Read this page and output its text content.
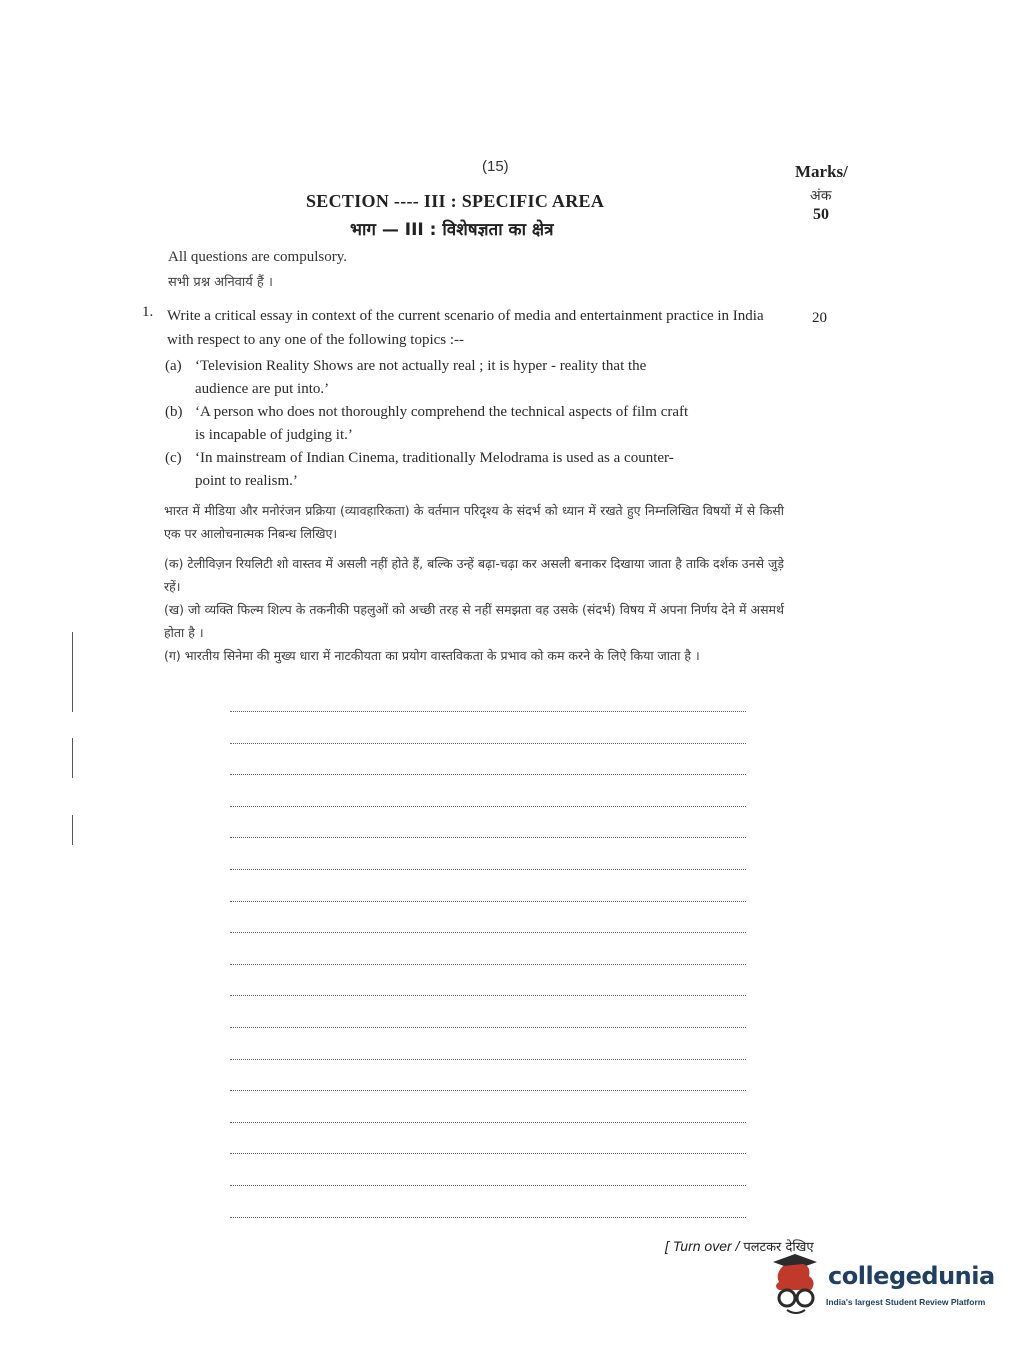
(15)	Marks/
अंक
50
SECTION ---- III : SPECIFIC AREA
भाग — III : विशेषज्ञता का क्षेत्र
All questions are compulsory.
सभी प्रश्न अनिवार्य हैं ।
1. Write a critical essay in context of the current scenario of media and entertainment practice in India with respect to any one of the following topics :--
20
(a) ‘Television Reality Shows are not actually real ; it is hyper - reality that the
audience are put into.’
(b) ‘A person who does not thoroughly comprehend the technical aspects of film craft
is incapable of judging it.’
(c) ‘In mainstream of Indian Cinema, traditionally Melodrama is used as a counter-
point to realism.’
भारत में मीडिया और मनोरंजन प्रक्रिया (व्यावहारिकता) के वर्तमान परिदृश्य के संदर्भ को ध्यान में रखते हुए निम्नलिखित विषयों में से किसी एक पर आलोचनात्मक निबन्ध लिखिए।
(क) टेलीविज़न रियलिटी शो वास्तव में असली नहीं होते हैं, बल्कि उन्हें बढ़ा-चढ़ा कर असली बनाकर दिखाया जाता है ताकि दर्शक उनसे जुड़े रहें।
(ख) जो व्यक्ति फिल्म शिल्प के तकनीकी पहलुओं को अच्छी तरह से नहीं समझता वह उसके (संदर्भ) विषय में अपना निर्णय देने में असमर्थ होता है ।
(ग) भारतीय सिनेमा की मुख्य धारा में नाटकीयता का प्रयोग वास्तविकता के प्रभाव को कम करने के लिऐ किया जाता है ।
[ Turn over / पलटकर देखिए
collegedunia
India's largest Student Review Platform
